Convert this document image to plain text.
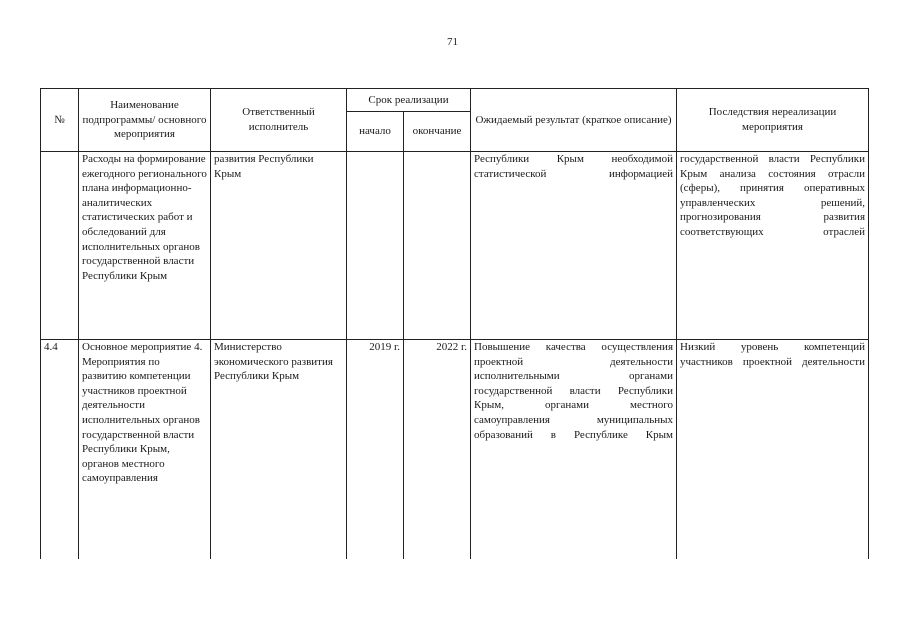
71
№	Наименование подпрограммы/ основного мероприятия	Ответственный исполнитель	Срок реализации		Ожидаемый результат (краткое описание)	Последствия нереализации мероприятия
			начало	окончание		
	Расходы на формирование ежегодного регионального плана информационно-аналитических статистических работ и обследований для исполнительных органов государственной власти Республики Крым	развития Республики Крым			Республики Крым необходимой статистической информацией	государственной власти Республики Крым анализа состояния отрасли (сферы), принятия оперативных управленческих решений, прогнозирования развития соответствующих отраслей

4.4	Основное мероприятие 4. Мероприятия по развитию компетенции участников проектной деятельности исполнительных органов государственной власти Республики Крым, органов местного самоуправления	Министерство экономического развития Республики Крым	2019 г.	2022 г.	Повышение качества осуществления проектной деятельности исполнительными органами государственной власти Республики Крым, органами местного самоуправления муниципальных образований в Республике Крым	Низкий уровень компетенций участников проектной деятельности
